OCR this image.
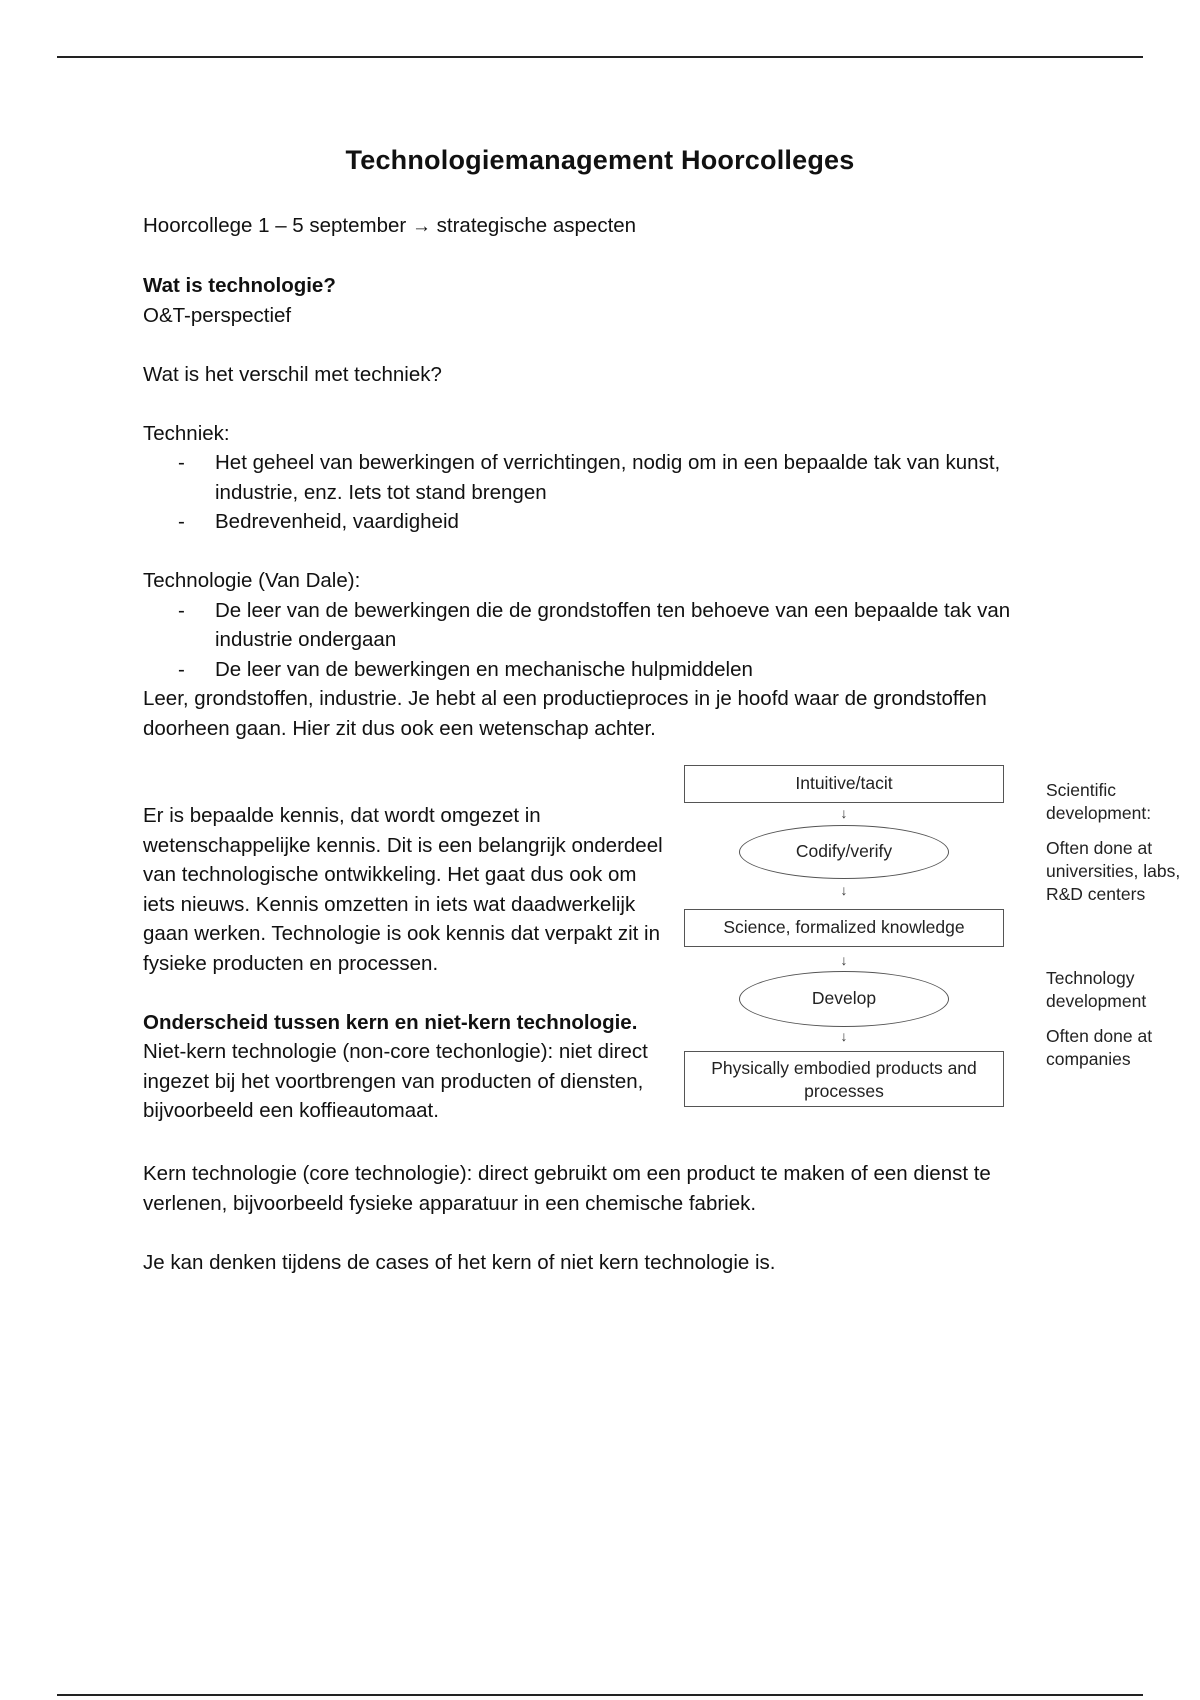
Technologiemanagement Hoorcolleges

Hoorcollege 1 – 5 september → strategische aspecten

Wat is technologie?

O&T-perspectief

Wat is het verschil met techniek?

Techniek:

- Het geheel van bewerkingen of verrichtingen, nodig om in een bepaalde tak van kunst, industrie, enz. Iets tot stand brengen
- Bedrevenheid, vaardigheid

Technologie (Van Dale):

- De leer van de bewerkingen die de grondstoffen ten behoeve van een bepaalde tak van industrie ondergaan
- De leer van de bewerkingen en mechanische hulpmiddelen

Leer, grondstoffen, industrie. Je hebt al een productieproces in je hoofd waar de grondstoffen doorheen gaan. Hier zit dus ook een wetenschap achter.

Er is bepaalde kennis, dat wordt omgezet in wetenschappelijke kennis. Dit is een belangrijk onderdeel van technologische ontwikkeling. Het gaat dus ook om iets nieuws. Kennis omzetten in iets wat daadwerkelijk gaan werken. Technologie is ook kennis dat verpakt zit in fysieke producten en processen.

Onderscheid tussen kern en niet-kern technologie.

Niet-kern technologie (non-core techonlogie): niet direct ingezet bij het voortbrengen van producten of diensten, bijvoorbeeld een koffieautomaat.

Kern technologie (core technologie): direct gebruikt om een product te maken of een dienst te verlenen, bijvoorbeeld fysieke apparatuur in een chemische fabriek.

Je kan denken tijdens de cases of het kern of niet kern technologie is.

Intuitive/tacit
↓
Codify/verify
↓
Science, formalized knowledge
↓
Develop
↓
Physically embodied products and processes
Scientific development:
Often done at universities, labs, R&D centers
Technology development
Often done at companies
